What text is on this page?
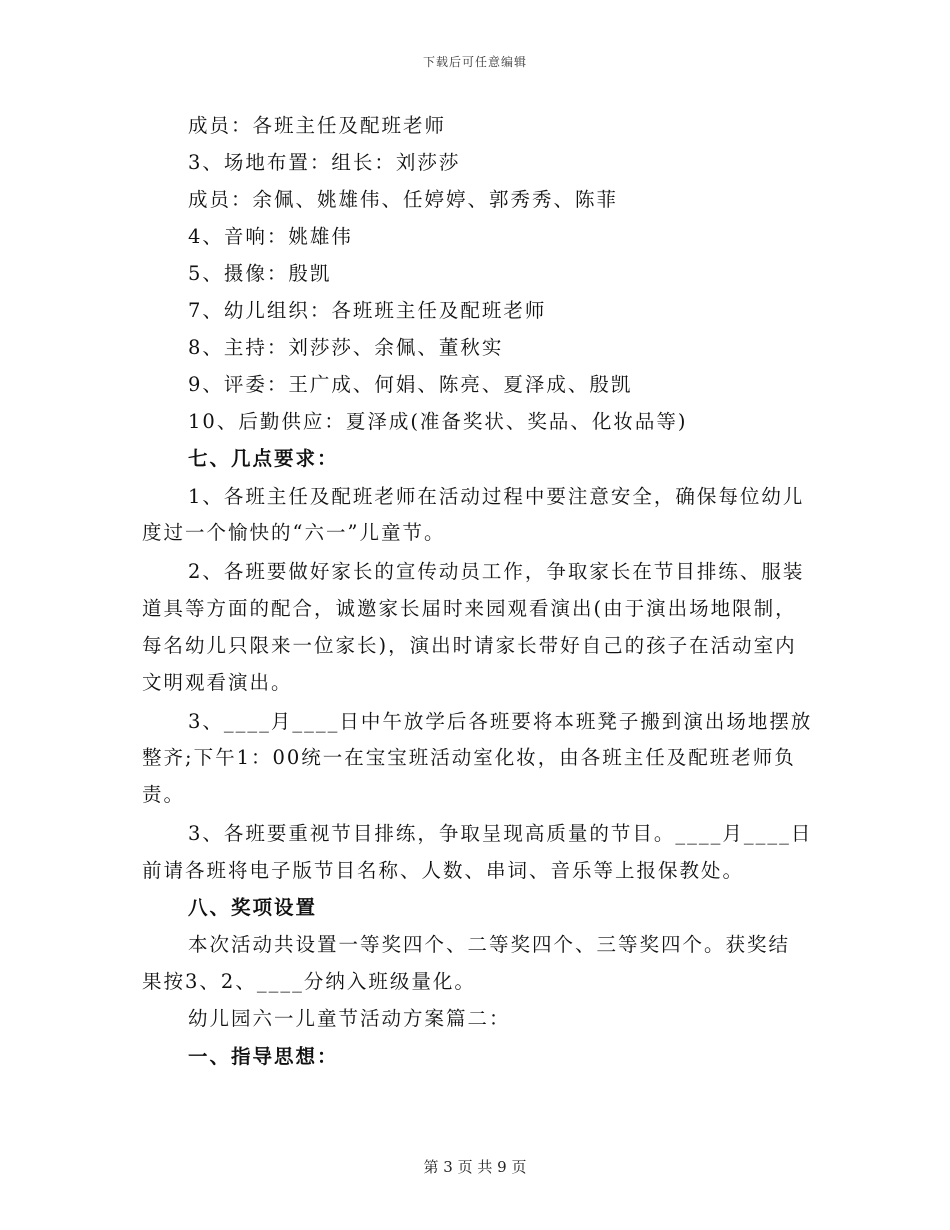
下载后可任意编辑
成员：各班主任及配班老师
3、场地布置：组长：刘莎莎
成员：余佩、姚雄伟、任婷婷、郭秀秀、陈菲
4、音响：姚雄伟
5、摄像：殷凯
7、幼儿组织：各班班主任及配班老师
8、主持：刘莎莎、余佩、董秋实
9、评委：王广成、何娟、陈亮、夏泽成、殷凯
10、后勤供应：夏泽成(准备奖状、奖品、化妆品等)
七、几点要求：
1、各班主任及配班老师在活动过程中要注意安全，确保每位幼儿
度过一个愉快的“六一”儿童节。
2、各班要做好家长的宣传动员工作，争取家长在节目排练、服装
道具等方面的配合，诚邀家长届时来园观看演出(由于演出场地限制，
每名幼儿只限来一位家长)，演出时请家长带好自己的孩子在活动室内
文明观看演出。
3、____月____日中午放学后各班要将本班凳子搬到演出场地摆放
整齐;下午1：00统一在宝宝班活动室化妆，由各班主任及配班老师负
责。
3、各班要重视节目排练，争取呈现高质量的节目。____月____日
前请各班将电子版节目名称、人数、串词、音乐等上报保教处。
八、奖项设置
本次活动共设置一等奖四个、二等奖四个、三等奖四个。获奖结
果按3、2、____分纳入班级量化。
幼儿园六一儿童节活动方案篇二：
一、指导思想：
第 3 页 共 9 页
